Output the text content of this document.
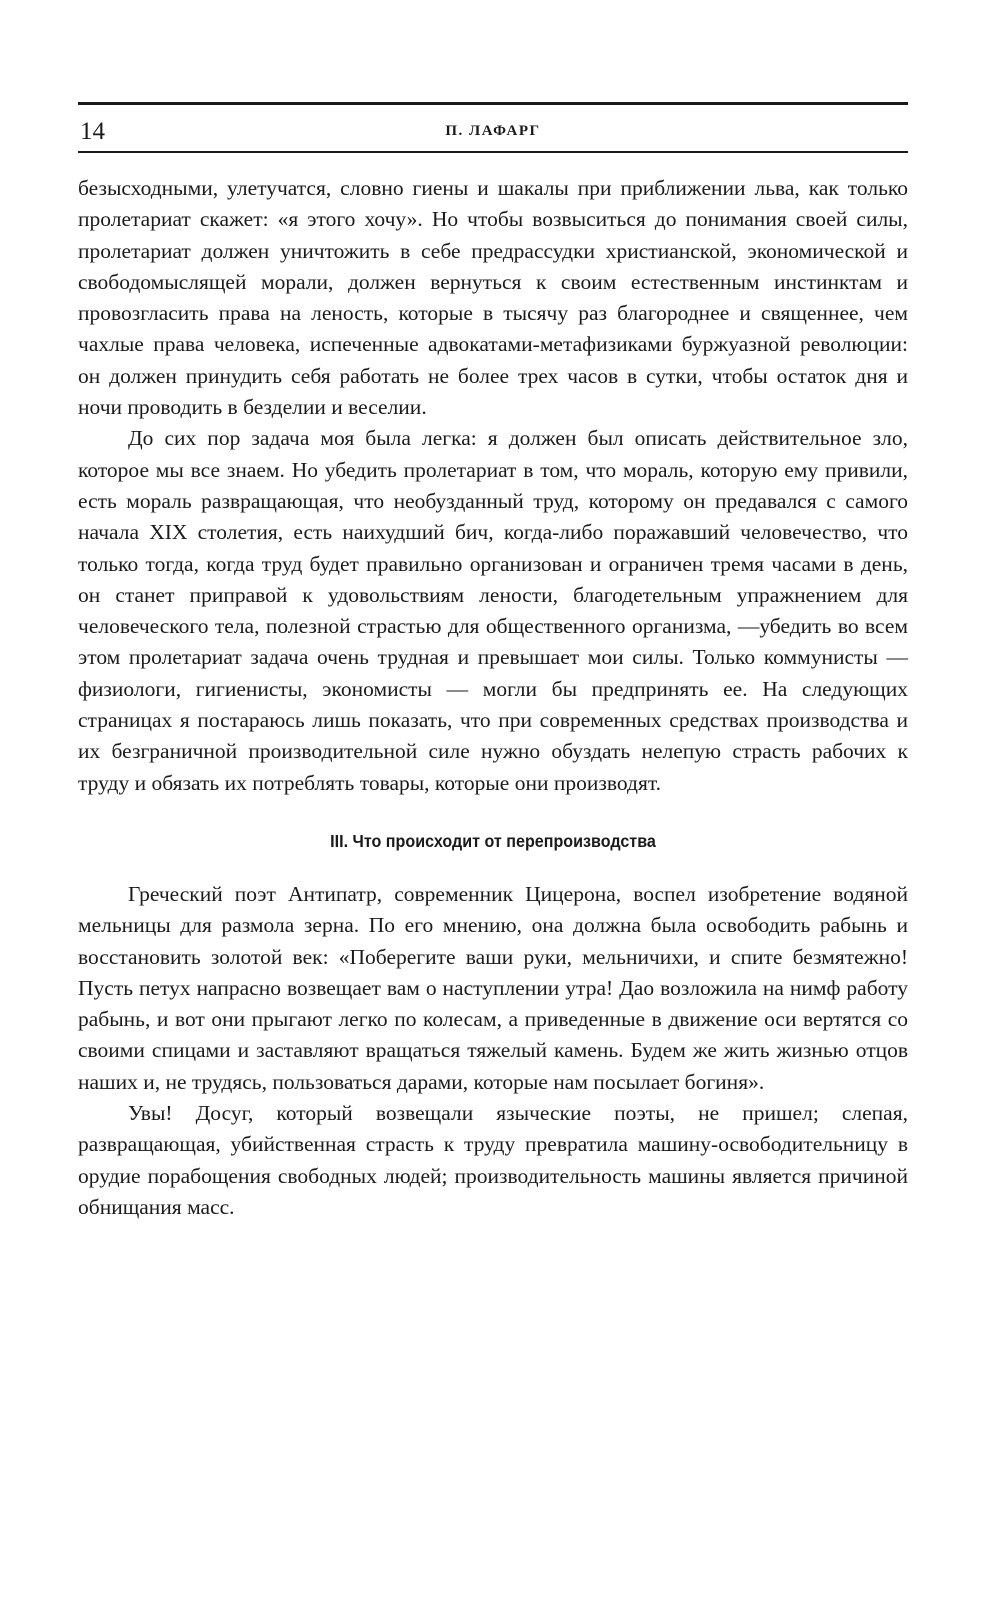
14	П. ЛАФАРГ

безысходными, улетучатся, словно гиены и шакалы при приближении льва, как только пролетариат скажет: «я этого хочу». Но чтобы возвыситься до понимания своей силы, пролетариат должен уничтожить в себе предрассудки христианской, экономической и свободомыслящей морали, должен вернуться к своим естественным инстинктам и провозгласить права на леность, которые в тысячу раз благороднее и священнее, чем чахлые права человека, испеченные адвокатами-метафизиками буржуазной революции: он должен принудить себя работать не более трех часов в сутки, чтобы остаток дня и ночи проводить в безделии и веселии.

До сих пор задача моя была легка: я должен был описать действительное зло, которое мы все знаем. Но убедить пролетариат в том, что мораль, которую ему привили, есть мораль развращающая, что необузданный труд, которому он предавался с самого начала XIX столетия, есть наихудший бич, когда-либо поражавший человечество, что только тогда, когда труд будет правильно организован и ограничен тремя часами в день, он станет приправой к удовольствиям лености, благодетельным упражнением для человеческого тела, полезной страстью для общественного организма, —убедить во всем этом пролетариат задача очень трудная и превышает мои силы. Только коммунисты — физиологи, гигиенисты, экономисты — могли бы предпринять ее. На следующих страницах я постараюсь лишь показать, что при современных средствах производства и их безграничной производительной силе нужно обуздать нелепую страсть рабочих к труду и обязать их потреблять товары, которые они производят.

III. Что происходит от перепроизводства

Греческий поэт Антипатр, современник Цицерона, воспел изобретение водяной мельницы для размола зерна. По его мнению, она должна была освободить рабынь и восстановить золотой век: «Поберегите ваши руки, мельничихи, и спите безмятежно! Пусть петух напрасно возвещает вам о наступлении утра! Дао возложила на нимф работу рабынь, и вот они прыгают легко по колесам, а приведенные в движение оси вертятся со своими спицами и заставляют вращаться тяжелый камень. Будем же жить жизнью отцов наших и, не трудясь, пользоваться дарами, которые нам посылает богиня».

Увы! Досуг, который возвещали языческие поэты, не пришел; слепая, развращающая, убийственная страсть к труду превратила машину-освободительницу в орудие порабощения свободных людей; производительность машины является причиной обнищания масс.
